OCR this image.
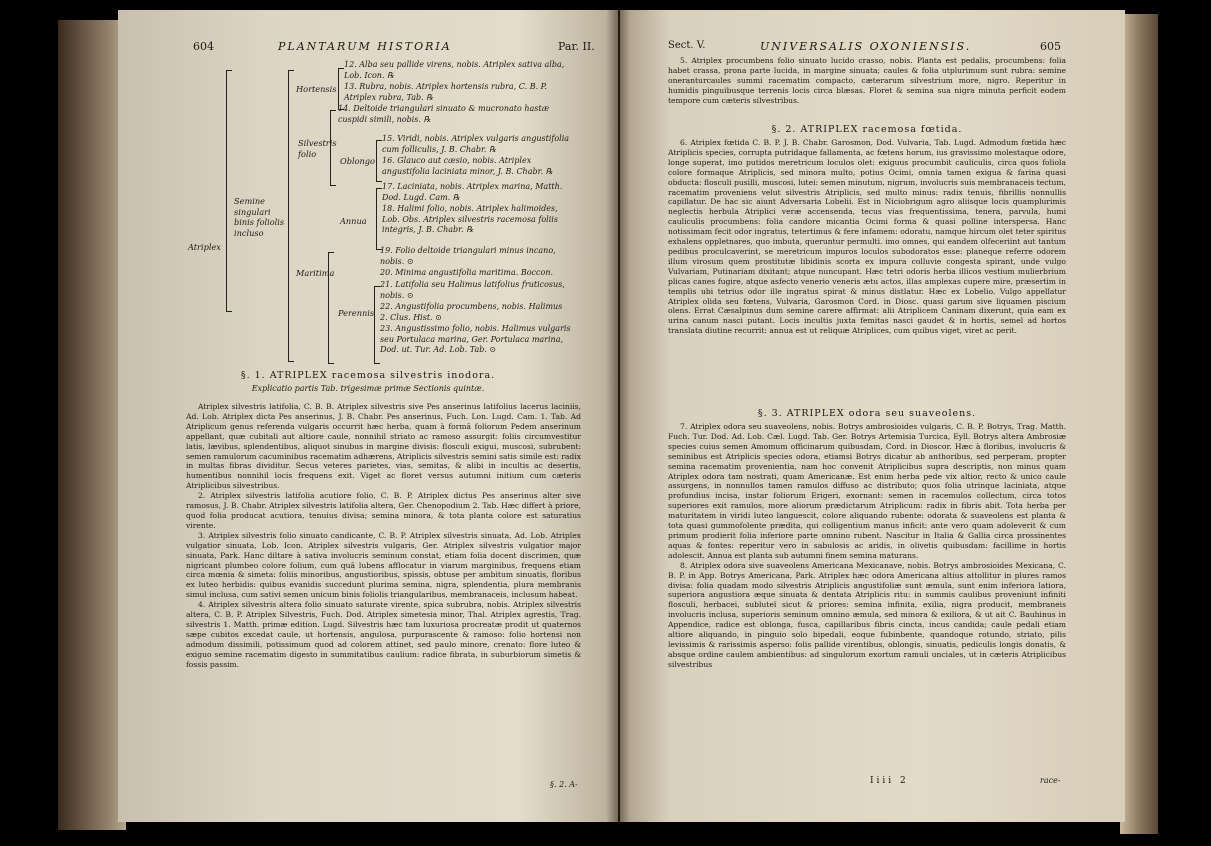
604	PLANTARUM HISTORIA	Par. II.
Atriplex
Semine singulari binis foliolis incluso
Hortensis
Silvestris folio
Oblongo
Annua
Maritima
Perennis
12. Alba seu pallide virens, nobis. Atriplex sativa alba, Lob. Icon. ℞
13. Rubra, nobis. Atriplex hortensis rubra, C. B. P. Atriplex rubra, Tab. ℞
14. Deltoide triangulari sinuato & mucronato hastæ cuspidi simili, nobis. ℞
15. Viridi, nobis. Atriplex vulgaris angustifolia cum folliculis, J. B. Chabr. ℞
16. Glauco aut cæsio, nobis. Atriplex angustifolia laciniata minor, J. B. Chabr. ℞
17. Laciniata, nobis. Atriplex marina, Matth. Dod. Lugd. Cam. ℞
18. Halimi folio, nobis. Atriplex halimoides, Lob. Obs. Atriplex silvestris racemosa foliis integris, J. B. Chabr. ℞
19. Folio deltoide triangulari minus incano, nobis. ⊙
20. Minima angustifolia maritima. Boccon.
21. Latifolia seu Halimus latifolius fruticosus, nobis. ⊙
22. Angustifolia procumbens, nobis. Halimus 2. Clus. Hist. ⊙
23. Angustissimo folio, nobis. Halimus vulgaris seu Portulaca marina, Ger. Portulaca marina, Dod. ut. Tur. Ad. Lob. Tab. ⊙
§. 1. ATRIPLEX racemosa silvestris inodora.
Explicatio partis Tab. trigesimæ primæ Sectionis quintæ.

Atriplex silvestris latifolia, C. B. B. Atriplex silvestris sive Pes anserinus latifolius lacerus laciniis, Ad. Lob. Atriplex dicta Pes anserinus, J. B. Chabr. Pes anserinus, Fuch. Lon. Lugd. Cam. 1. Tab. Ad Atriplicum genus referenda vulgaris occurrit hæc herba, quam à formâ foliorum Pedem anserinum appellant, quæ cubitali aut altiore caule, nonnihil striato ac ramoso assurgit: foliis circumvestitur latis, lævibus, splendentibus, aliquot sinubus in margine divisis: flosculi exigui, muscosi, subrubent: semen ramulorum cacuminibus racematim adhærens, Atriplicis silvestris semini satis simile est: radix in multas fibras dividitur. Secus veteres parietes, vias, semitas, & alibi in incultis ac desertis, humentibus nonnihil locis frequens exit. Viget ac floret versus autumni initium cum cæteris Atriplicibus silvestribus.

2. Atriplex silvestris latifolia acutiore folio, C. B. P. Atriplex dictus Pes anserinus alter sive ramosus, J. B. Chabr. Atriplex silvestris latifolia altera, Ger. Chenopodium 2. Tab. Hæc differt à priore, quod folia producat acutiora, tenuius divisa; semina minora, & tota planta colore est saturatius virente.

3. Atriplex silvestris folio sinuato candicante, C. B. P. Atriplex silvestris sinuata, Ad. Lob. Atriplex vulgatior sinuata, Lob. Icon. Atriplex silvestris vulgaris, Ger. Atriplex silvestris vulgatior major sinuata, Park. Hanc diltare à sativa involucris seminum constat, etiam folia docent discrimen, quæ nigricant plumbeo colore folium, cum quâ lubens afflocatur in viarum marginibus, frequens etiam circa mœnia & simeta: foliis minoribus, angustioribus, spissis, obtuse per ambitum sinuatis, floribus ex luteo herbidis: quibus evanidis succedunt plurima semina, nigra, splendentia, plura membranis simul inclusa, cum sativi semen unicum binis foliolis triangularibus, membranaceis, inclusum habeat.

4. Atriplex silvestris altera folio sinuato saturate virente, spica subrubra, nobis. Atriplex silvestris altera, C. B. P. Atriplex Silvestris, Fuch. Dod. Atriplex simetesia minor, Thal. Atriplex agrestis, Trag. silvestris 1. Matth. primæ edition. Lugd. Silvestris hæc tam luxuriosa procreatæ prodit ut quaternos sæpe cubitos excedat caule, ut hortensis, angulosa, purpurascente & ramoso: folio hortensi non admodum dissimili, potissimum quod ad colorem attinet, sed paulo minore, crenato: flore luteo & exiguo semine racematim digesto in summitatibus caulium: radice fibrata, in suburbiorum simetis & fossis passim.

§. 2. A-
Sect. V.	UNIVERSALIS OXONIENSIS.	605

5. Atriplex procumbens folio sinuato lucido crasso, nobis. Planta est pedalis, procumbens: folia habet crassa, prona parte lucida, in margine sinuata; caules & folia utplurimum sunt rubra: semine oneranturcaules summi racematim compacto, cæterarum silvestrium more, nigro. Reperitur in humidis pinguibusque terrenis locis circa blæsas. Floret & semina sua nigra minuta perficit eodem tempore cum cæteris silvestribus.

§. 2. ATRIPLEX racemosa fœtida.

6. Atriplex fœtida C. B. P. J. B. Chabr. Garosmon, Dod. Vulvaria, Tab. Lugd. Admodum fœtida hæc Atriplicis species, corrupta putridaque fallamenta, ac fœtens horum, ius gravissimo molestaque odore, longe superat, imo putidos meretricum loculos olet: exiguus procumbit cauliculis, circa quos foliola colore formaque Atriplicis, sed minora multo, potius Ocimi, omnia tamen exigua & farina quasi obducta: flosculi pusilli, muscosi, lutei: semen minutum, nigrum, involucris suis membranaceis tectum, racematim proveniens velut silvestris Atriplicis, sed multo minus: radix tenuis, fibrillis nonnullis capillatur. De hac sic aiunt Adversaria Lobelii. Est in Niciobrigum agro aliisque locis quamplurimis neglectis herbula Atriplici veræ accensenda, tecus vias frequentissima, tenera, parvula, humi cauliculis procumbens: folia candore micantia Ocimi forma & quasi polline interspersa. Hanc notissimam fecit odor ingratus, tetertimus & fere infamem: odoratu, namque hircum olet teter spiritus exhalens oppletnares, quo imbuta, queruntur permulti. imo omnes, qui eandem olfeceriint aut tantum pedibus proculcaverint, se meretricum impuros loculos subodoratos esse: planeque referre odorem illum virosum quem prostitutæ libidinis scorta ex impura colluvie congesta spirant, unde vulgo Vulvariam, Putinariam dixitant; atque nuncupant. Hæc tetri odoris herba illicos vestium mulierbrium plicas canes fugire, atque asfecto venerio veneris ætu actos, illas amplexas cupere mire, præsertim in templis ubi tetrius odor ille ingratus spirat & minus distlatur. Hæc ex Lobelio. Vulgo appellatur Atriplex olida seu fœtens, Vulvaria, Garosmon Cord. in Diosc. quasi garum sive liquamen piscium olens. Errat Cæsalpinus dum semine carere affirmat: alii Atriplicem Caninam dixerunt, quia eam ex urina canum nasci putant. Locis incultis juxta femitas nasci gaudet & in hortis, semel ad hortos translata diutine recurrit: annua est ut reliquæ Atriplices, cum quibus viget, viret ac perit.

§. 3. ATRIPLEX odora seu suaveolens.

7. Atriplex odora seu suaveolens, nobis. Botrys ambrosioides vulgaris, C. B. P. Botrys, Trag. Matth. Fuch. Tur. Dod. Ad. Lob. Cæl. Lugd. Tab. Ger. Botrys Artemisia Turcica, Eyll. Botrys altera Ambrosiæ species cuius semen Amomum officinarum quibusdam, Cord. in Dioscor. Hæc à floribus, involucris & seminibus est Atriplicis species odora, etiamsi Botrys dicatur ab anthoribus, sed perperam, propter semina racematim provenientia, nam hoc convenit Atriplicibus supra descriptis, non minus quam Atriplex odora tam nostrati, quam Americanæ. Est enim herba pede vix altior, recto & unico caule assurgens, in nonnullos tamen ramulos diffuso ac distributo; quos folia utrinque laciniata, atque profundius incisa, instar foliorum Erigeri, exornant: semen in racemulos collectum, circa totos superiores exit ramulos, more aliorum prædictarum Atriplicum: radix in fibris abit. Tota herba per maturitatem in viridi luteo languescit, colore aliquando rubente: odorata & suaveolens est planta & tota quasi gummofolente prædita, qui colligentium manus inficit: ante vero quam adoleverit & cum primum prodierit folia inferiore parte omnino rubent. Nascitur in Italia & Gallia circa prossinentes aquas & fontes: reperitur vero in sabulosis ac aridis, in olivetis quibusdam: facillime in hortis adolescit. Annua est planta sub autumni finem semina maturans.

8. Atriplex odora sive suaveolens Americana Mexicanave, nobis. Botrys ambrosioides Mexicana, C. B. P. in App. Botrys Americana, Park. Atriplex hæc odora Americana altius attollitur in plures ramos divisa: folia quadam modo silvestris Atriplicis angustifoliæ sunt æmula, sunt enim inferiora latiora, superiora angustiora æque sinuata & dentata Atriplicis ritu: in summis caulibus proveniunt infiniti flosculi, herbacei, subluteï sicut & priores: semina infinita, exilia, nigra producit, membraneis involucris inclusa, superioris seminum omnino æmula, sed minora & exiliora, & ut ait C. Bauhinus in Appendice, radice est oblonga, fusca, capillaribus fibris cincta, incus candida; caule pedali etiam altiore aliquando, in pinguio solo bipedali, eoque fubinbente, quandoque rotundo, striato, pilis levissimis & rarissimis asperso: folis pallide virentibus, oblongis, sinuatis, pediculis longis donatis, & absque ordine caulem ambientibus: ad singulorum exortum ramuli unciales, ut in cæteris Atriplicibus silvestribus

Iiii 2	race-
